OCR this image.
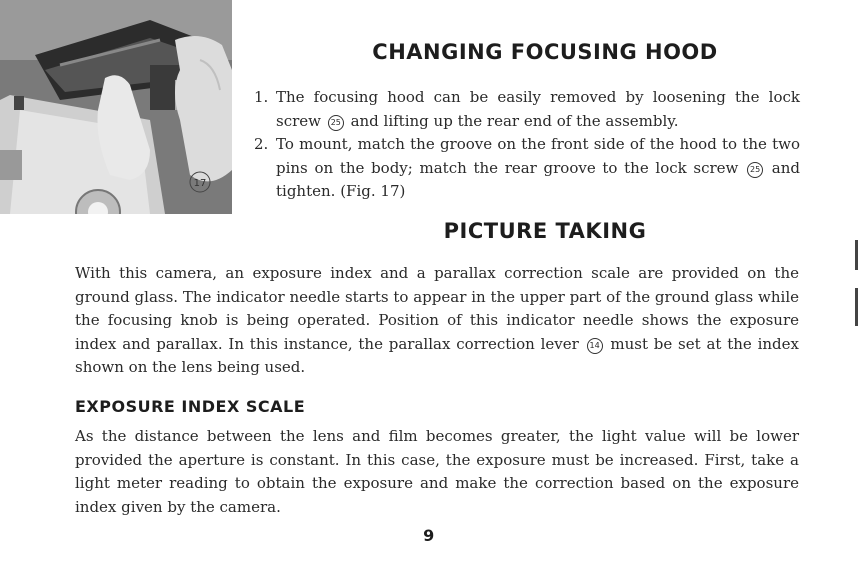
17
CHANGING FOCUSING HOOD
1. The focusing hood can be easily removed by loosening the lock screw 25 and lifting up the rear end of the assembly.
2. To mount, match the groove on the front side of the hood to the two pins on the body; match the rear groove to the lock screw 25 and tighten. (Fig. 17)
PICTURE TAKING
With this camera, an exposure index and a parallax correction scale are provided on the ground glass. The indicator needle starts to appear in the upper part of the ground glass while the focusing knob is being operated. Position of this indicator needle shows the exposure index and parallax. In this instance, the parallax correction lever 14 must be set at the index shown on the lens being used.
EXPOSURE INDEX SCALE
As the distance between the lens and film becomes greater, the light value will be lower provided the aperture is constant. In this case, the exposure must be increased. First, take a light meter reading to obtain the exposure and make the correction based on the exposure index given by the camera.
9
